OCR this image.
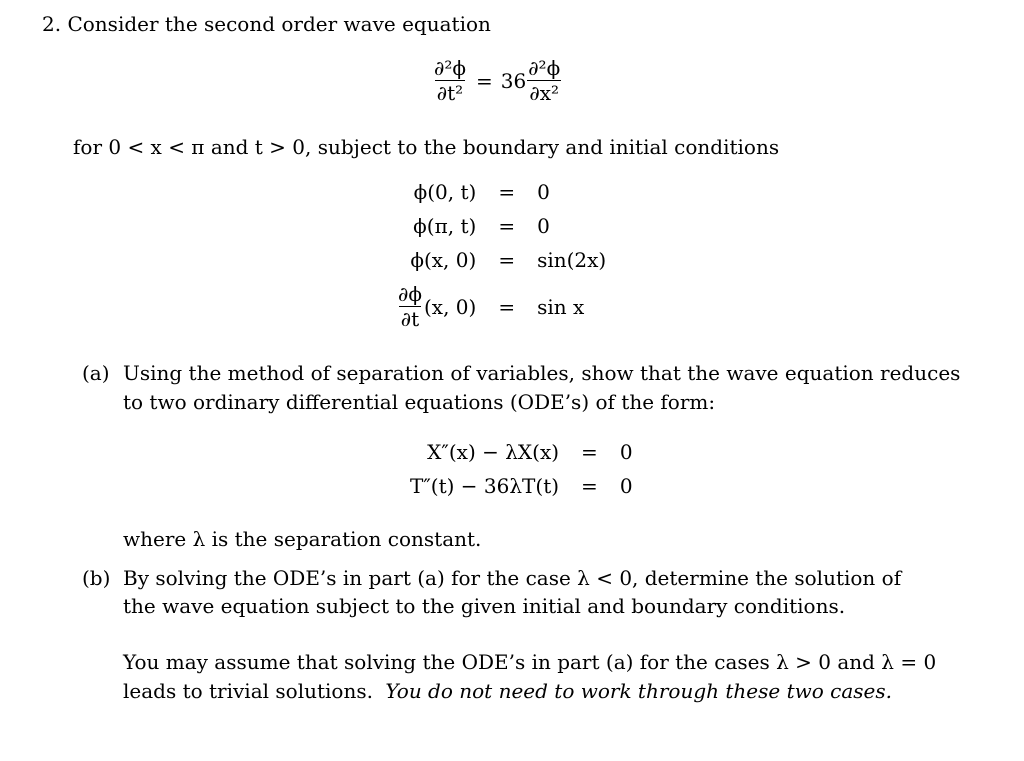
2. Consider the second order wave equation
$\frac{\text{∂²ϕ}}{\text{∂t²}} = 36 \frac{\text{∂²ϕ}}{\text{∂x²}}$
for 0 < x < π and t > 0, subject to the boundary and initial conditions
ϕ(0, t) = 0
ϕ(π, t) = 0
ϕ(x, 0) = sin(2x)
$\frac{\partial\phi}{\partial t} (x$, 0) = sin x
(a) Using the method of separation of variables, show that the wave equation reduces
to two ordinary differential equations (ODE’s) of the form:
X″(x) − λX(x) = 0
T″(t) − 36λT(t) = 0
where λ is the separation constant.
(b) By solving the ODE’s in part (a) for the case λ < 0, determine the solution of
the wave equation subject to the given initial and boundary conditions.
You may assume that solving the ODE’s in part (a) for the cases λ > 0 and λ = 0
leads to trivial solutions. You do not need to work through these two cases.
